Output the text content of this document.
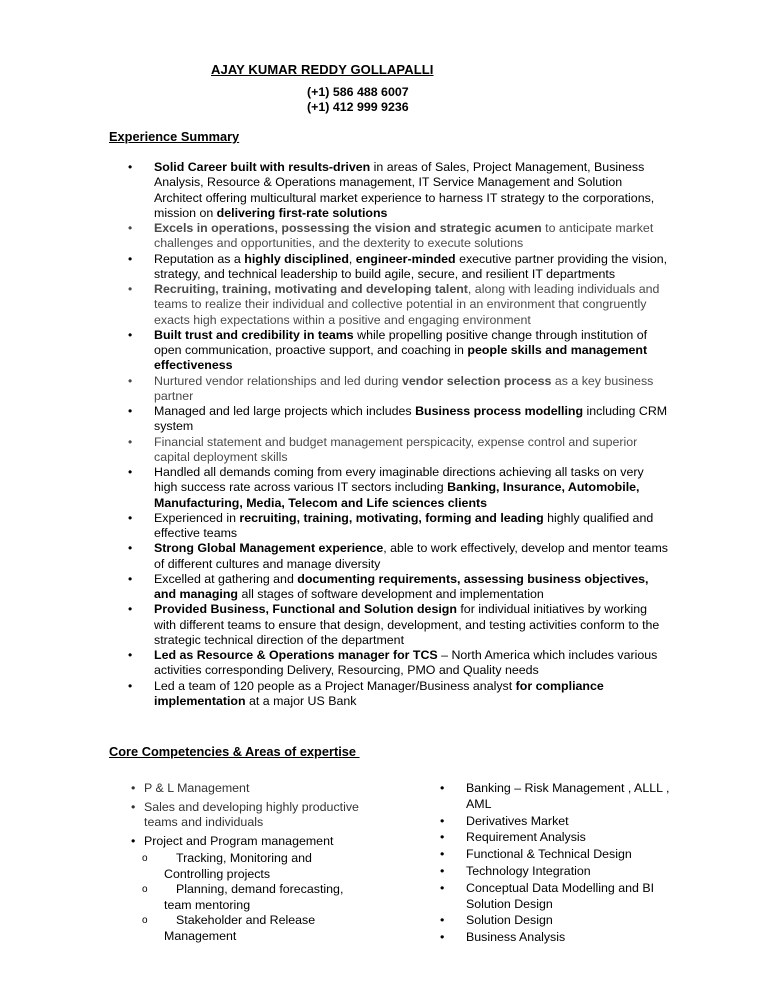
AJAY KUMAR REDDY GOLLAPALLI
(+1) 586 488 6007
(+1) 412 999 9236
Experience Summary
• Solid Career built with results-driven in areas of Sales, Project Management, Business Analysis, Resource & Operations management, IT Service Management and Solution Architect offering multicultural market experience to harness IT strategy to the corporations, mission on delivering first-rate solutions
• Excels in operations, possessing the vision and strategic acumen to anticipate market challenges and opportunities, and the dexterity to execute solutions
• Reputation as a highly disciplined, engineer-minded executive partner providing the vision, strategy, and technical leadership to build agile, secure, and resilient IT departments
• Recruiting, training, motivating and developing talent, along with leading individuals and teams to realize their individual and collective potential in an environment that congruently exacts high expectations within a positive and engaging environment
• Built trust and credibility in teams while propelling positive change through institution of open communication, proactive support, and coaching in people skills and management effectiveness
• Nurtured vendor relationships and led during vendor selection process as a key business partner
• Managed and led large projects which includes Business process modelling including CRM system
• Financial statement and budget management perspicacity, expense control and superior capital deployment skills
• Handled all demands coming from every imaginable directions achieving all tasks on very high success rate across various IT sectors including Banking, Insurance, Automobile, Manufacturing, Media, Telecom and Life sciences clients
• Experienced in recruiting, training, motivating, forming and leading highly qualified and effective teams
• Strong Global Management experience, able to work effectively, develop and mentor teams of different cultures and manage diversity
• Excelled at gathering and documenting requirements, assessing business objectives, and managing all stages of software development and implementation
• Provided Business, Functional and Solution design for individual initiatives by working with different teams to ensure that design, development, and testing activities conform to the strategic technical direction of the department
• Led as Resource & Operations manager for TCS – North America which includes various activities corresponding Delivery, Resourcing, PMO and Quality needs
• Led a team of 120 people as a Project Manager/Business analyst for compliance implementation at a major US Bank
Core Competencies & Areas of expertise
• P & L Management
• Sales and developing highly productive teams and individuals
• Project and Program management
o Tracking, Monitoring and Controlling projects
o Planning, demand forecasting, team mentoring
o Stakeholder and Release Management
• Banking – Risk Management , ALLL , AML
• Derivatives Market
• Requirement Analysis
• Functional & Technical Design
• Technology Integration
• Conceptual Data Modelling and BI Solution Design
• Solution Design
• Business Analysis
